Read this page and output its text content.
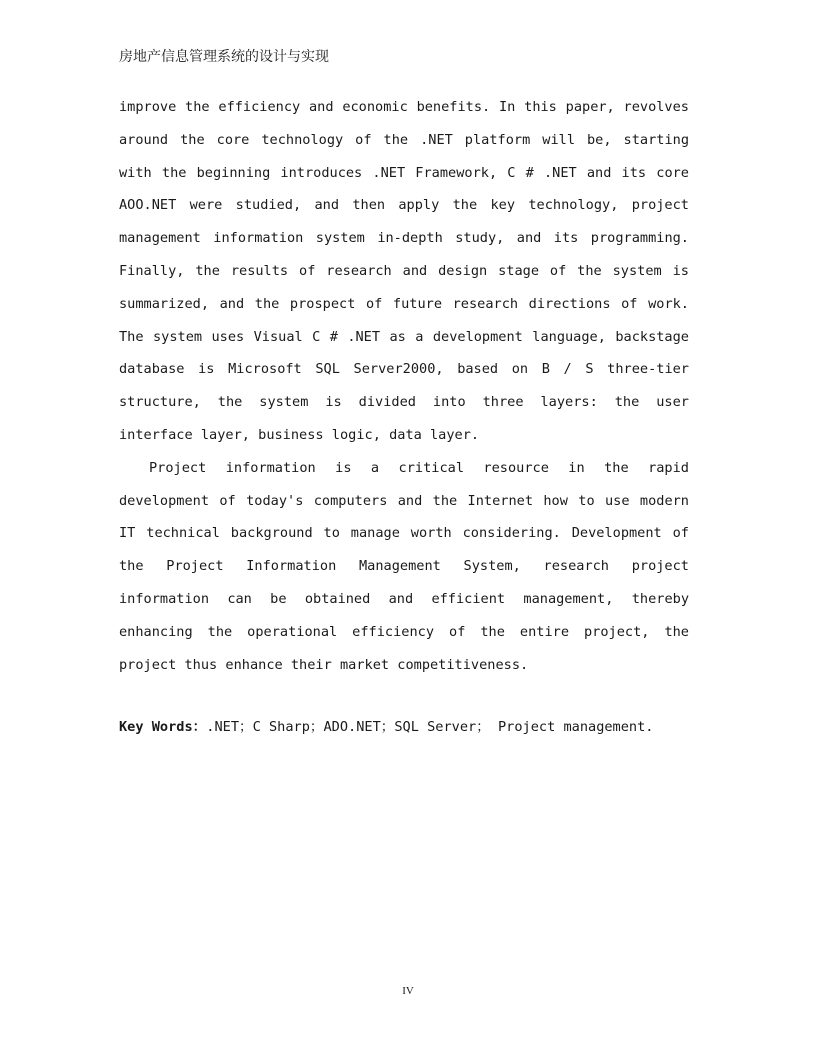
房地产信息管理系统的设计与实现

improve the efficiency and economic benefits. In this paper, revolves around the core technology of the .NET platform will be, starting with the beginning introduces .NET Framework, C # .NET and its core AOO.NET were studied, and then apply the key technology, project management information system in-depth study, and its programming. Finally, the results of research and design stage of the system is summarized, and the prospect of future research directions of work. The system uses Visual C # .NET as a development language, backstage database is Microsoft SQL Server2000, based on B / S three-tier structure, the system is divided into three layers: the user interface layer, business logic, data layer.

Project information is a critical resource in the rapid development of today's computers and the Internet how to use modern IT technical background to manage worth considering. Development of the Project Information Management System, research project information can be obtained and efficient management, thereby enhancing the operational efficiency of the entire project, the project thus enhance their market competitiveness.

Key Words：.NET；C Sharp；ADO.NET；SQL Server； Project management.
IV
